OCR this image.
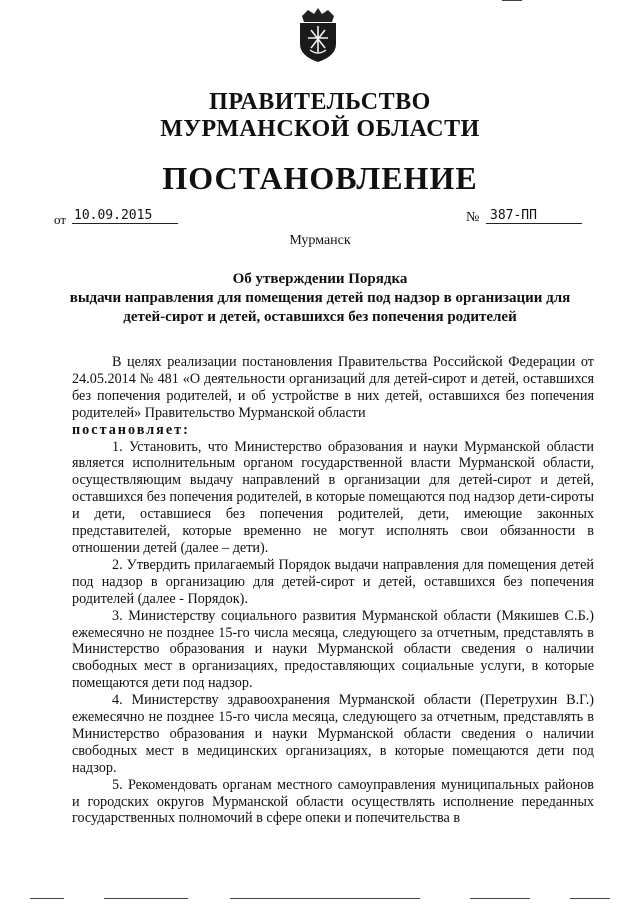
ПРАВИТЕЛЬСТВО
МУРМАНСКОЙ ОБЛАСТИ
ПОСТАНОВЛЕНИЕ
от 10.09.2015	№ 387-ПП
Мурманск
Об утверждении Порядка
выдачи направления для помещения детей под надзор в организации для
детей-сирот и детей, оставшихся без попечения родителей

В целях реализации постановления Правительства Российской Федерации от 24.05.2014 № 481 «О деятельности организаций для детей-сирот и детей, оставшихся без попечения родителей, и об устройстве в них детей, оставшихся без попечения родителей» Правительство Мурманской области

постановляет:

1. Установить, что Министерство образования и науки Мурманской области является исполнительным органом государственной власти Мурманской области, осуществляющим выдачу направлений в организации для детей-сирот и детей, оставшихся без попечения родителей, в которые помещаются под надзор дети-сироты и дети, оставшиеся без попечения родителей, дети, имеющие законных представителей, которые временно не могут исполнять свои обязанности в отношении детей (далее – дети).

2. Утвердить прилагаемый Порядок выдачи направления для помещения детей под надзор в организацию для детей-сирот и детей, оставшихся без попечения родителей (далее - Порядок).

3. Министерству социального развития Мурманской области (Мякишев С.Б.) ежемесячно не позднее 15-го числа месяца, следующего за отчетным, представлять в Министерство образования и науки Мурманской области сведения о наличии свободных мест в организациях, предоставляющих социальные услуги, в которые помещаются дети под надзор.

4. Министерству здравоохранения Мурманской области (Перетрухин В.Г.) ежемесячно не позднее 15-го числа месяца, следующего за отчетным, представлять в Министерство образования и науки Мурманской области сведения о наличии свободных мест в медицинских организациях, в которые помещаются дети под надзор.

5. Рекомендовать органам местного самоуправления муниципальных районов и городских округов Мурманской области осуществлять исполнение переданных государственных полномочий в сфере опеки и попечительства в
